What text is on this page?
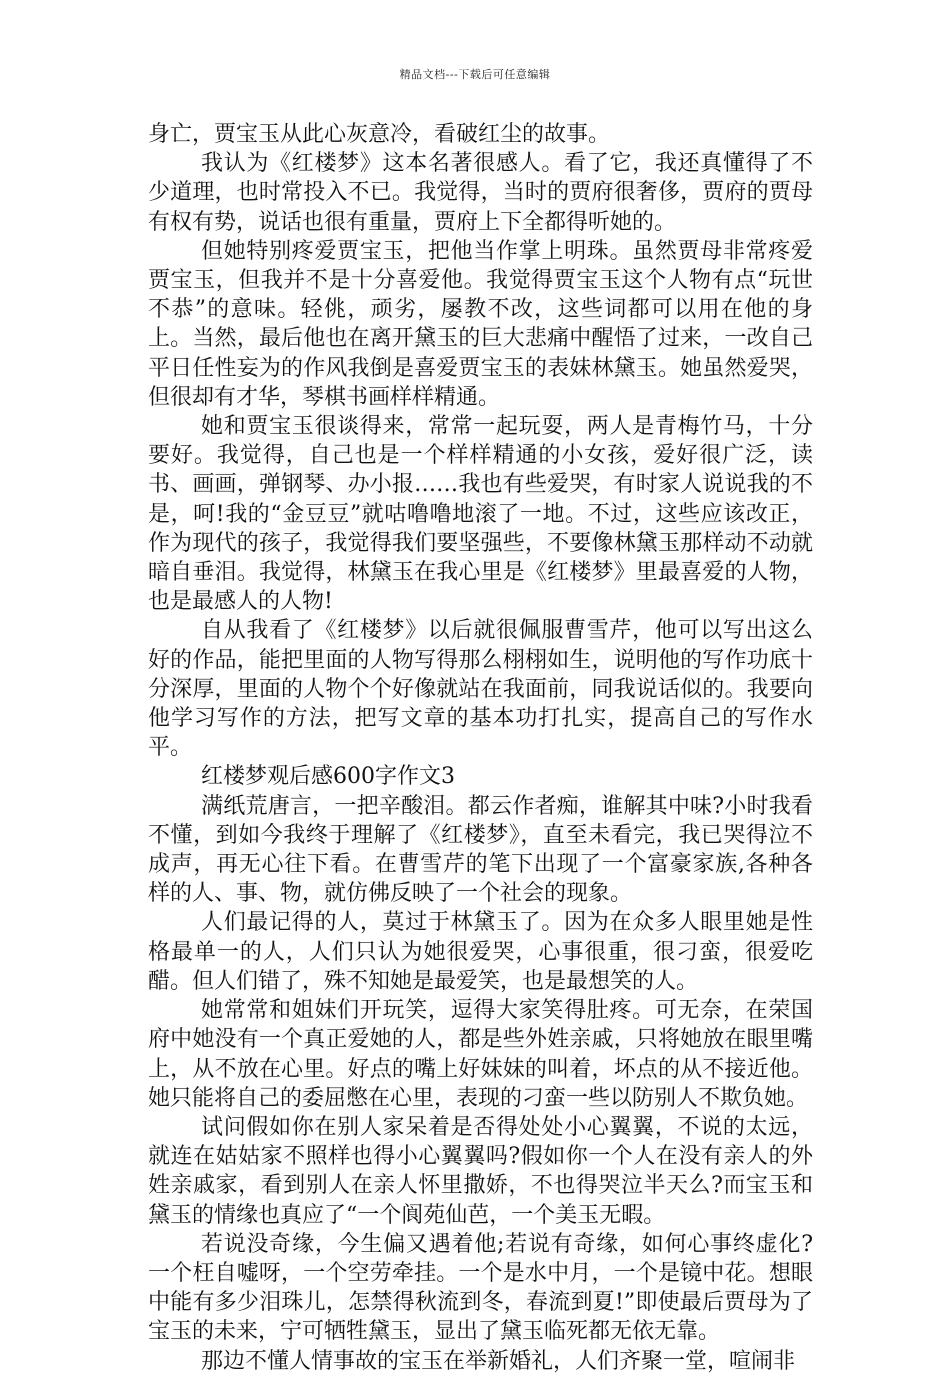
精品文档---下载后可任意编辑

身亡，贾宝玉从此心灰意冷，看破红尘的故事。

我认为《红楼梦》这本名著很感人。看了它，我还真懂得了不少道理，也时常投入不已。我觉得，当时的贾府很奢侈，贾府的贾母有权有势，说话也很有重量，贾府上下全都得听她的。

但她特别疼爱贾宝玉，把他当作掌上明珠。虽然贾母非常疼爱贾宝玉，但我并不是十分喜爱他。我觉得贾宝玉这个人物有点“玩世不恭”的意味。轻佻，顽劣，屡教不改，这些词都可以用在他的身上。当然，最后他也在离开黛玉的巨大悲痛中醒悟了过来，一改自己平日任性妄为的作风我倒是喜爱贾宝玉的表妹林黛玉。她虽然爱哭，但很却有才华，琴棋书画样样精通。

她和贾宝玉很谈得来，常常一起玩耍，两人是青梅竹马，十分要好。我觉得，自己也是一个样样精通的小女孩，爱好很广泛，读书、画画，弹钢琴、办小报……我也有些爱哭，有时家人说说我的不是，呵!我的“金豆豆”就咕噜噜地滚了一地。不过，这些应该改正，作为现代的孩子，我觉得我们要坚强些，不要像林黛玉那样动不动就暗自垂泪。我觉得，林黛玉在我心里是《红楼梦》里最喜爱的人物，也是最感人的人物!

自从我看了《红楼梦》以后就很佩服曹雪芹，他可以写出这么好的作品，能把里面的人物写得那么栩栩如生，说明他的写作功底十分深厚，里面的人物个个好像就站在我面前，同我说话似的。我要向他学习写作的方法，把写文章的基本功打扎实，提高自己的写作水平。

红楼梦观后感600字作文3

满纸荒唐言，一把辛酸泪。都云作者痴，谁解其中味?小时我看不懂，到如今我终于理解了《红楼梦》，直至未看完，我已哭得泣不成声，再无心往下看。在曹雪芹的笔下出现了一个富豪家族,各种各样的人、事、物，就仿佛反映了一个社会的现象。

人们最记得的人，莫过于林黛玉了。因为在众多人眼里她是性格最单一的人，人们只认为她很爱哭，心事很重，很刁蛮，很爱吃醋。但人们错了，殊不知她是最爱笑，也是最想笑的人。

她常常和姐妹们开玩笑，逗得大家笑得肚疼。可无奈，在荣国府中她没有一个真正爱她的人，都是些外姓亲戚，只将她放在眼里嘴上，从不放在心里。好点的嘴上好妹妹的叫着，坏点的从不接近他。她只能将自己的委屈憋在心里，表现的刁蛮一些以防别人不欺负她。

试问假如你在别人家呆着是否得处处小心翼翼，不说的太远，就连在姑姑家不照样也得小心翼翼吗?假如你一个人在没有亲人的外姓亲戚家，看到别人在亲人怀里撒娇，不也得哭泣半天么?而宝玉和黛玉的情缘也真应了“一个阆苑仙芭，一个美玉无暇。

若说没奇缘，今生偏又遇着他;若说有奇缘，如何心事终虚化?一个枉自嘘呀，一个空劳牵挂。一个是水中月，一个是镜中花。想眼中能有多少泪珠儿，怎禁得秋流到冬，春流到夏!”即使最后贾母为了宝玉的未来，宁可牺牲黛玉，显出了黛玉临死都无依无靠。

那边不懂人情事故的宝玉在举新婚礼，人们齐聚一堂，喧闹非
